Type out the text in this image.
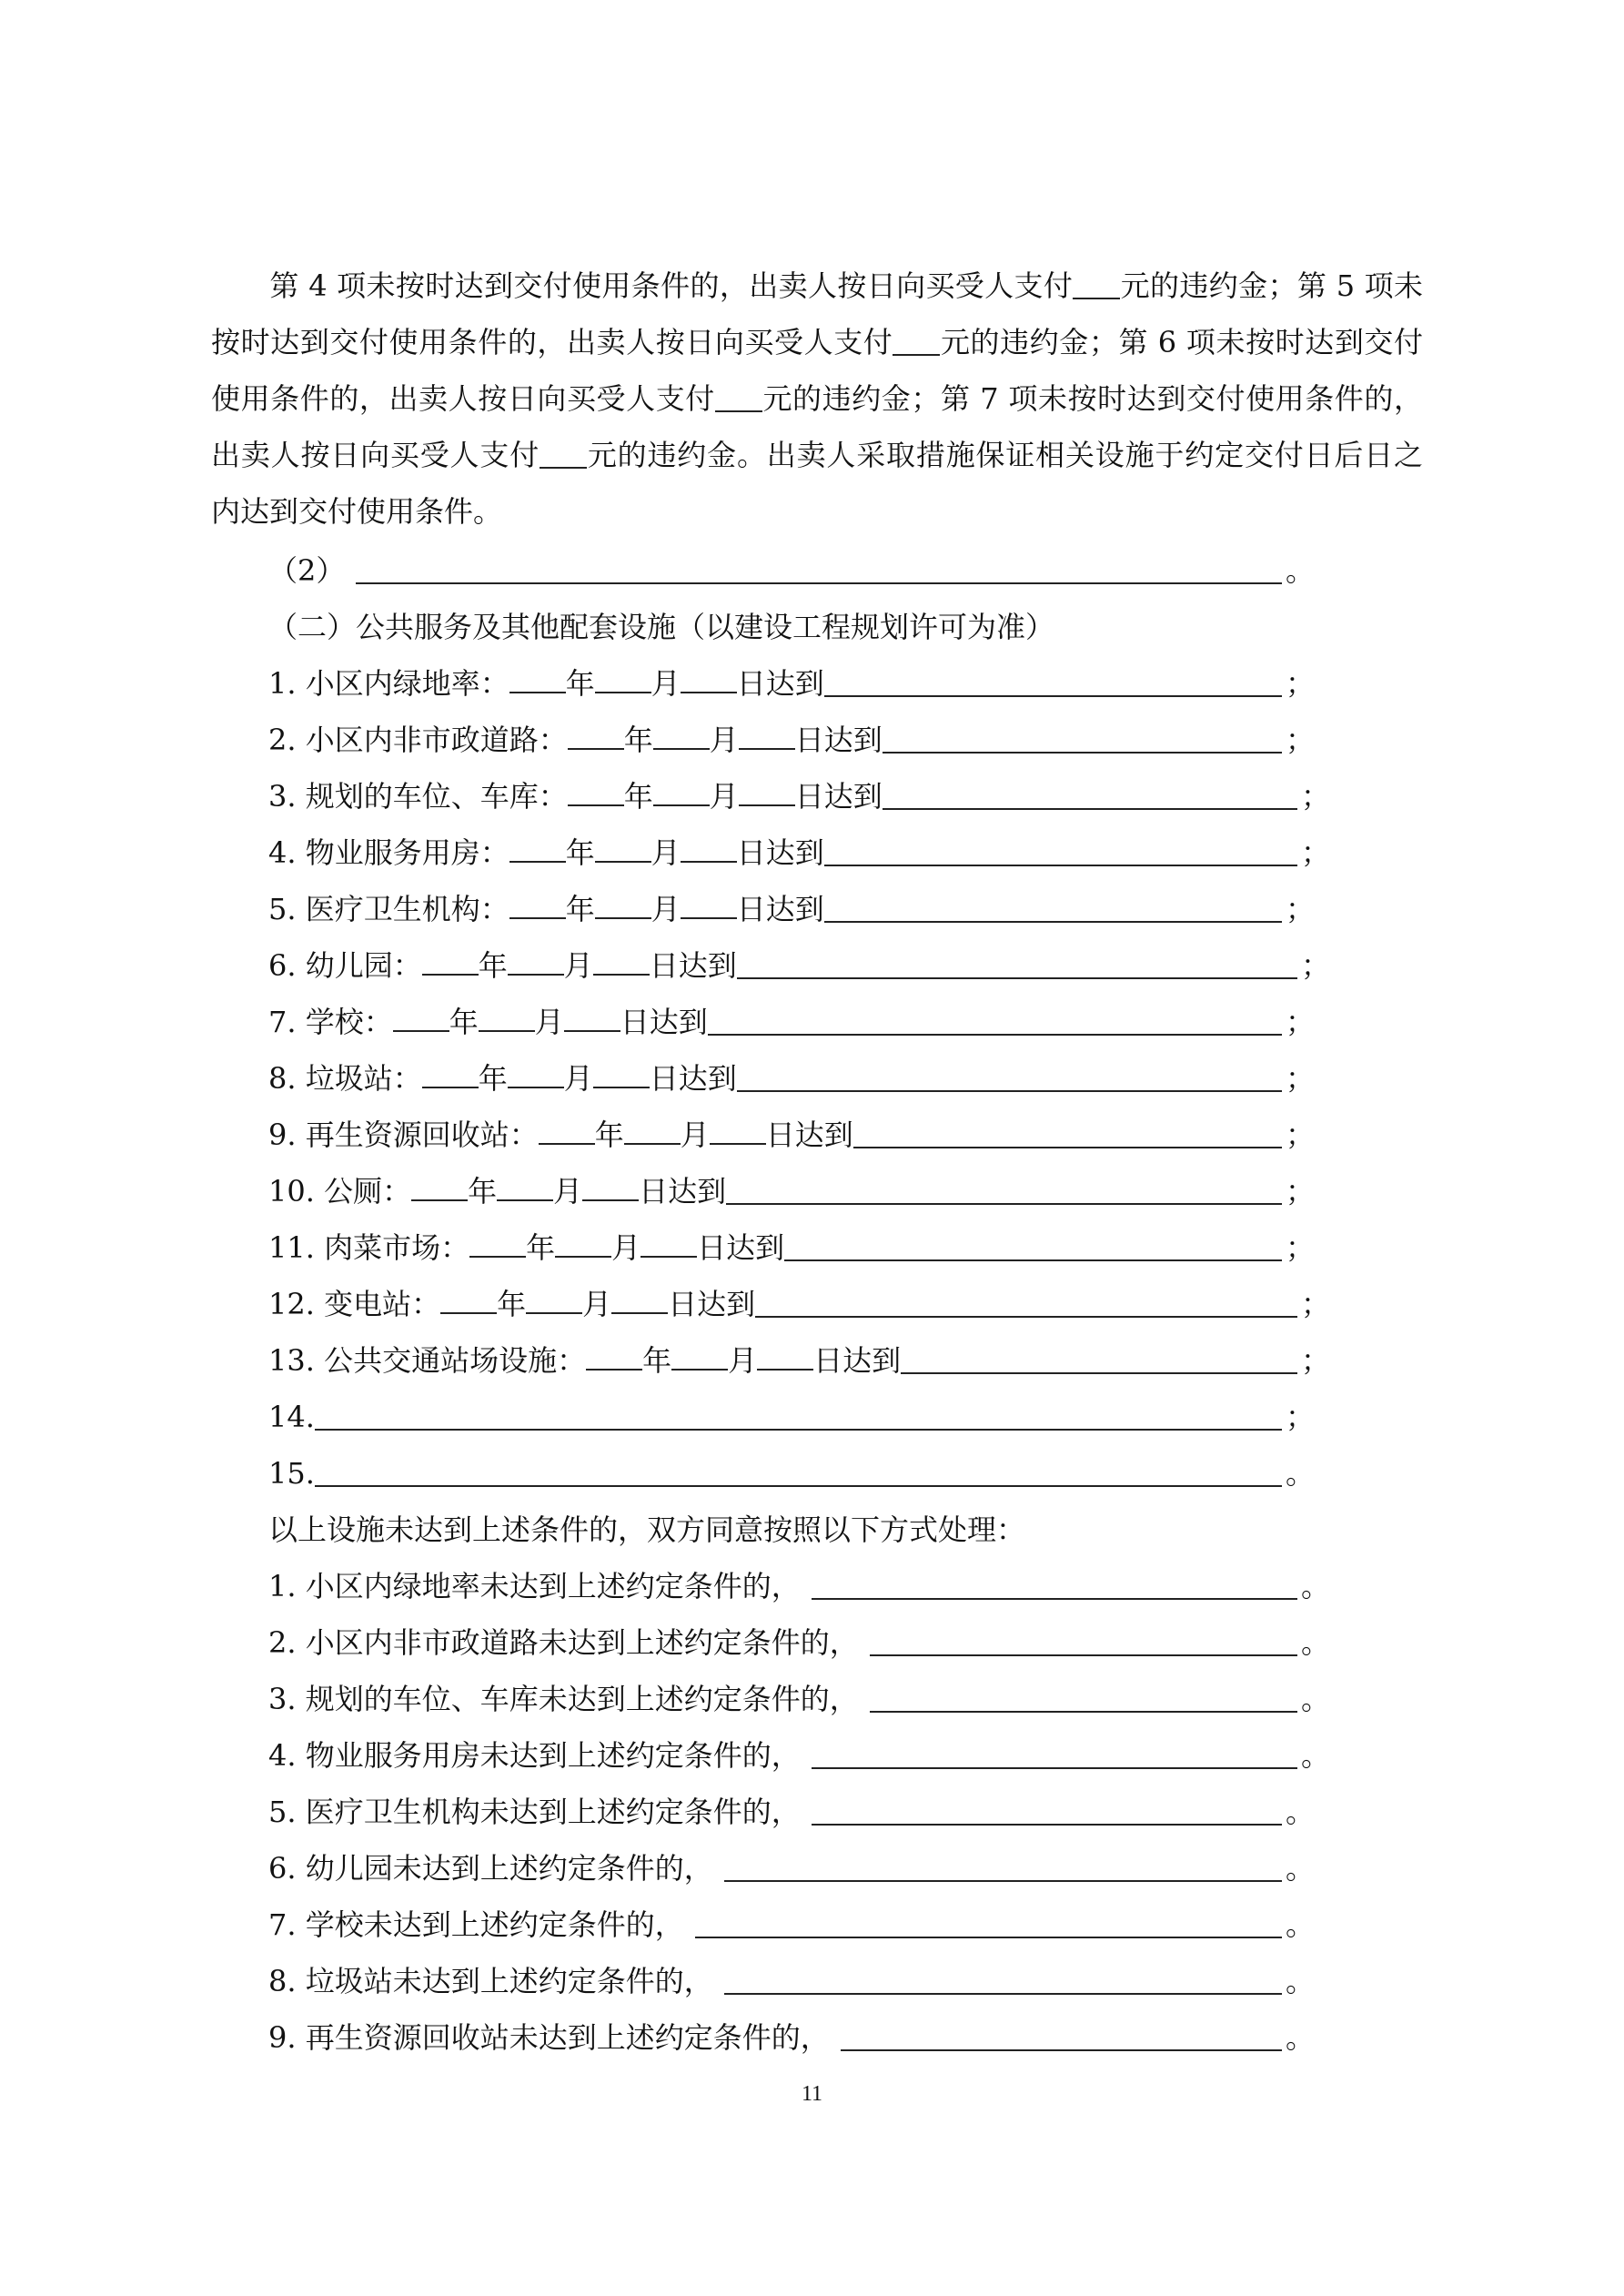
第 4 项未按时达到交付使用条件的，出卖人按日向买受人支付 元的违约金；第 5 项未按时达到交付使用条件的，出卖人按日向买受人支付 元的违约金；第 6 项未按时达到交付使用条件的，出卖人按日向买受人支付 元的违约金；第 7 项未按时达到交付使用条件的，出卖人按日向买受人支付 元的违约金。出卖人采取措施保证相关设施于约定交付日后日之内达到交付使用条件。

（2）	。
（二）公共服务及其他配套设施（以建设工程规划许可为准）
1. 小区内绿地率： 年 月 日达到	；
2. 小区内非市政道路： 年 月 日达到	；
3. 规划的车位、车库： 年 月 日达到	；
4. 物业服务用房： 年 月 日达到	；
5. 医疗卫生机构： 年 月 日达到	；
6. 幼儿园： 年 月 日达到	；
7. 学校： 年 月 日达到	；
8. 垃圾站： 年 月 日达到	；
9. 再生资源回收站： 年 月 日达到	；
10. 公厕： 年 月 日达到	；
11. 肉菜市场： 年 月 日达到	；
12. 变电站： 年 月 日达到	；
13. 公共交通站场设施： 年 月 日达到	；
14.	；
15.	。
以上设施未达到上述条件的，双方同意按照以下方式处理：
1. 小区内绿地率未达到上述约定条件的，	。
2. 小区内非市政道路未达到上述约定条件的，	。
3. 规划的车位、车库未达到上述约定条件的，	。
4. 物业服务用房未达到上述约定条件的，	。
5. 医疗卫生机构未达到上述约定条件的，	。
6. 幼儿园未达到上述约定条件的，	。
7. 学校未达到上述约定条件的，	。
8. 垃圾站未达到上述约定条件的，	。
9. 再生资源回收站未达到上述约定条件的，	。
11
